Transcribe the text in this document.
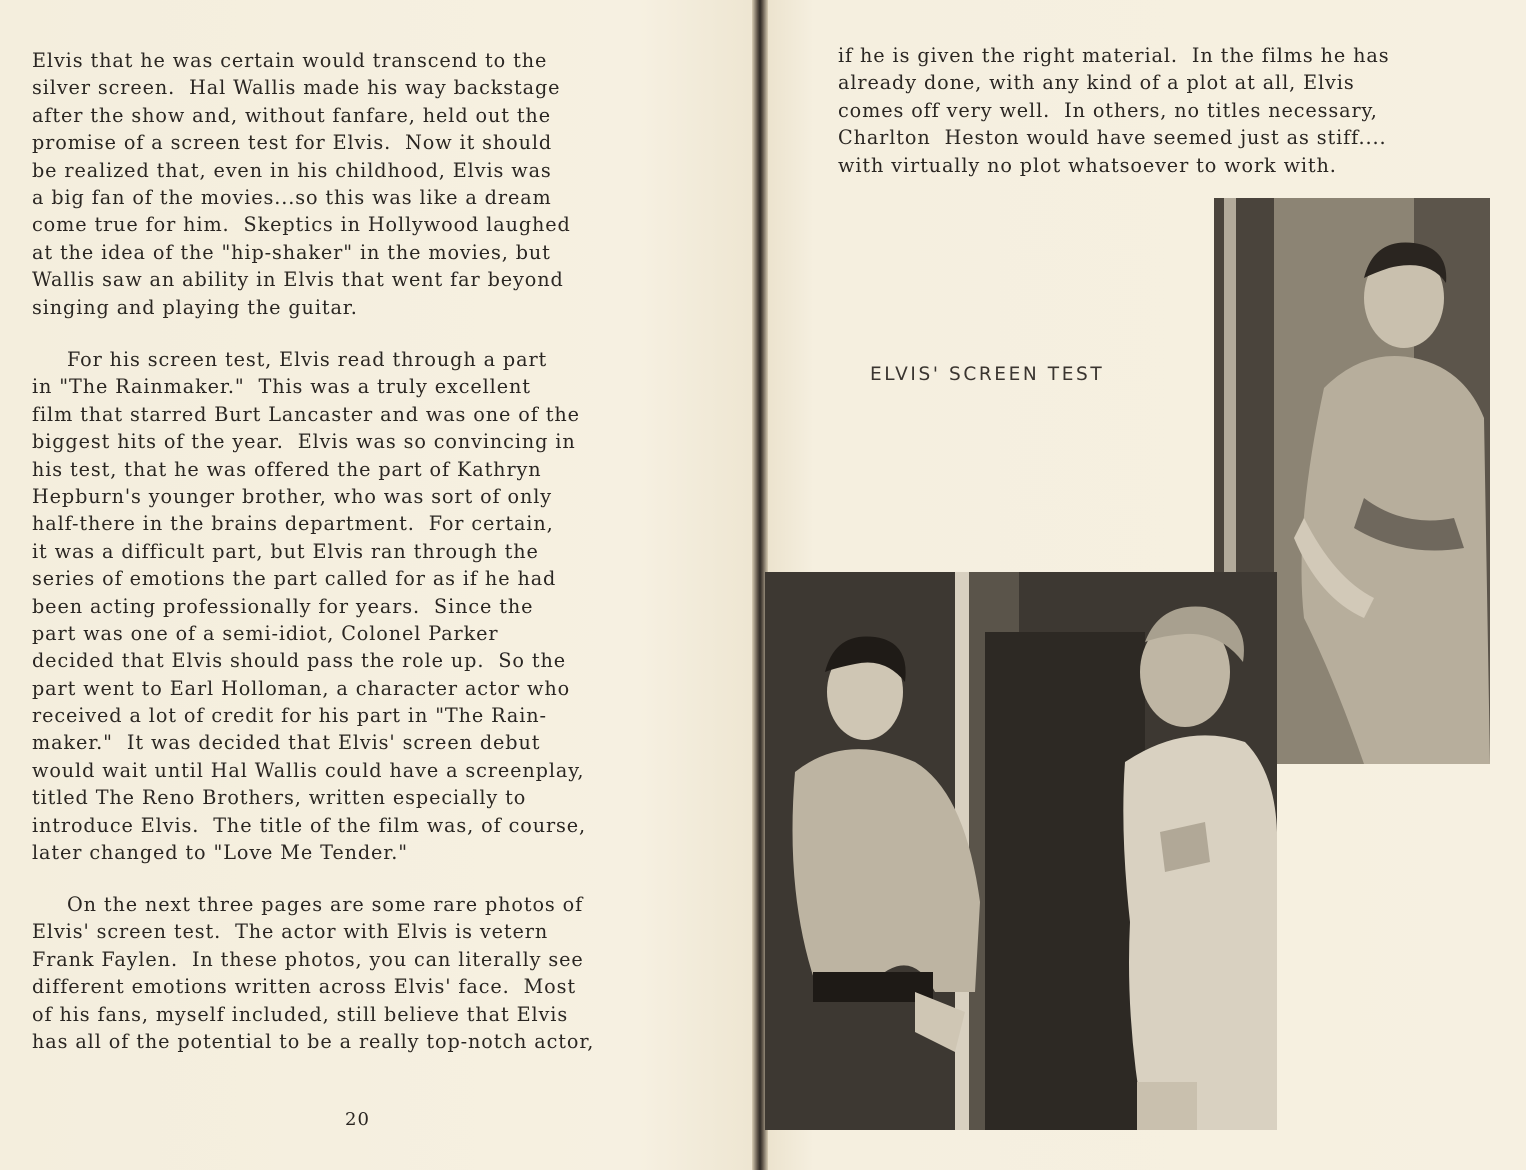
Elvis that he was certain would transcend to the
silver screen.  Hal Wallis made his way backstage
after the show and, without fanfare, held out the
promise of a screen test for Elvis.  Now it should
be realized that, even in his childhood, Elvis was
a big fan of the movies...so this was like a dream
come true for him.  Skeptics in Hollywood laughed
at the idea of the "hip-shaker" in the movies, but
Wallis saw an ability in Elvis that went far beyond
singing and playing the guitar.
For his screen test, Elvis read through a part
in "The Rainmaker."  This was a truly excellent
film that starred Burt Lancaster and was one of the
biggest hits of the year.  Elvis was so convincing in
his test, that he was offered the part of Kathryn
Hepburn's younger brother, who was sort of only
half-there in the brains department.  For certain,
it was a difficult part, but Elvis ran through the
series of emotions the part called for as if he had
been acting professionally for years.  Since the
part was one of a semi-idiot, Colonel Parker
decided that Elvis should pass the role up.  So the
part went to Earl Holloman, a character actor who
received a lot of credit for his part in "The Rain-
maker."  It was decided that Elvis' screen debut
would wait until Hal Wallis could have a screenplay,
titled The Reno Brothers, written especially to
introduce Elvis.  The title of the film was, of course,
later changed to "Love Me Tender."
On the next three pages are some rare photos of
Elvis' screen test.  The actor with Elvis is vetern
Frank Faylen.  In these photos, you can literally see
different emotions written across Elvis' face.  Most
of his fans, myself included, still believe that Elvis
has all of the potential to be a really top-notch actor,
20
if he is given the right material.  In the films he has
already done, with any kind of a plot at all, Elvis
comes off very well.  In others, no titles necessary,
Charlton  Heston would have seemed just as stiff....
with virtually no plot whatsoever to work with.
ELVIS' SCREEN TEST
